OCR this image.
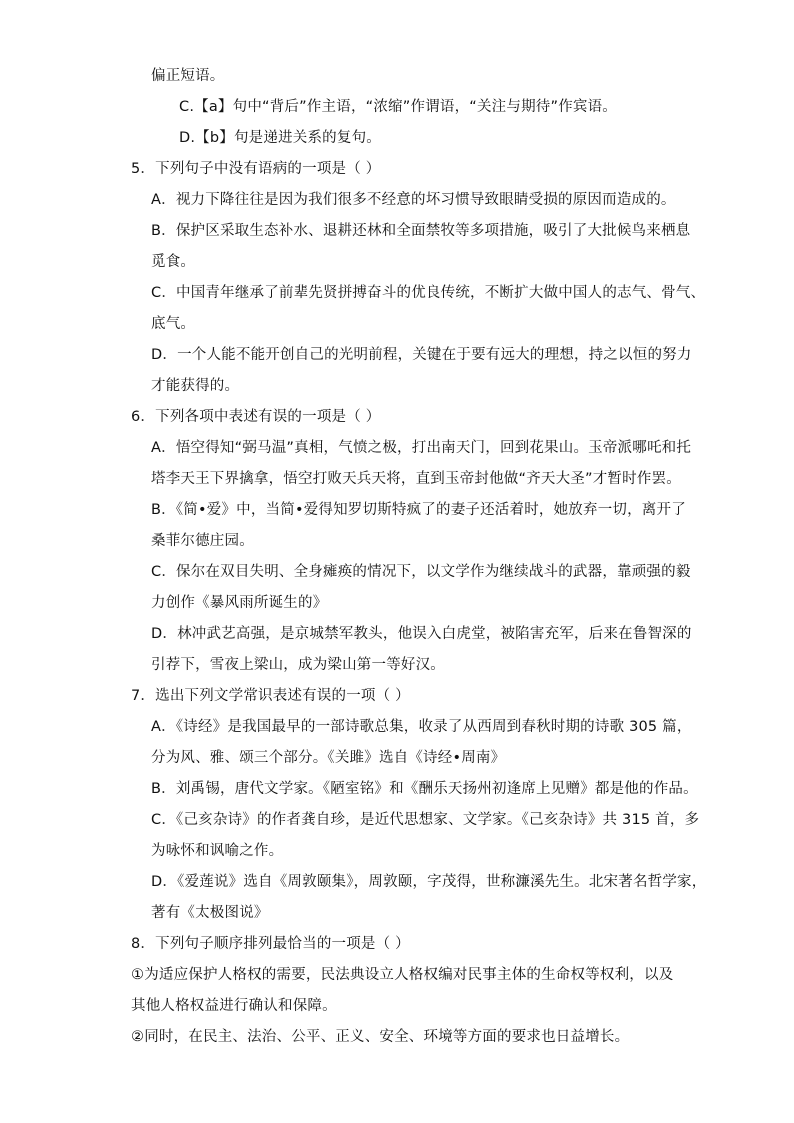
偏正短语。
C.【a】句中“背后”作主语，“浓缩”作谓语，“关注与期待”作宾语。
D.【b】句是递进关系的复句。
5．下列句子中没有语病的一项是（ ）
A．视力下降往往是因为我们很多不经意的坏习惯导致眼睛受损的原因而造成的。
B．保护区采取生态补水、退耕还林和全面禁牧等多项措施，吸引了大批候鸟来栖息
觅食。
C．中国青年继承了前辈先贤拼搏奋斗的优良传统，不断扩大做中国人的志气、骨气、
底气。
D．一个人能不能开创自己的光明前程，关键在于要有远大的理想，持之以恒的努力
才能获得的。
6．下列各项中表述有误的一项是（ ）
A．悟空得知“弼马温”真相，气愤之极，打出南天门，回到花果山。玉帝派哪吒和托
塔李天王下界擒拿，悟空打败天兵天将，直到玉帝封他做“齐天大圣”才暂时作罢。
B．《简•爱》中，当简•爱得知罗切斯特疯了的妻子还活着时，她放弃一切，离开了
桑菲尔德庄园。
C．保尔在双目失明、全身瘫痪的情况下，以文学作为继续战斗的武器，靠顽强的毅
力创作《暴风雨所诞生的》
D．林冲武艺高强，是京城禁军教头，他误入白虎堂，被陷害充军，后来在鲁智深的
引荐下，雪夜上梁山，成为梁山第一等好汉。
7．选出下列文学常识表述有误的一项（ ）
A．《诗经》是我国最早的一部诗歌总集，收录了从西周到春秋时期的诗歌 305 篇，
分为风、雅、颂三个部分。《关雎》选自《诗经•周南》
B．刘禹锡，唐代文学家。《陋室铭》和《酬乐天扬州初逢席上见赠》都是他的作品。
C．《己亥杂诗》的作者龚自珍，是近代思想家、文学家。《己亥杂诗》共 315 首，多
为咏怀和讽喻之作。
D．《爱莲说》选自《周敦颐集》，周敦颐，字茂得，世称濂溪先生。北宋著名哲学家，
著有《太极图说》
8．下列句子顺序排列最恰当的一项是（ ）
①为适应保护人格权的需要，民法典设立人格权编对民事主体的生命权等权利，以及
其他人格权益进行确认和保障。
②同时，在民主、法治、公平、正义、安全、环境等方面的要求也日益增长。
